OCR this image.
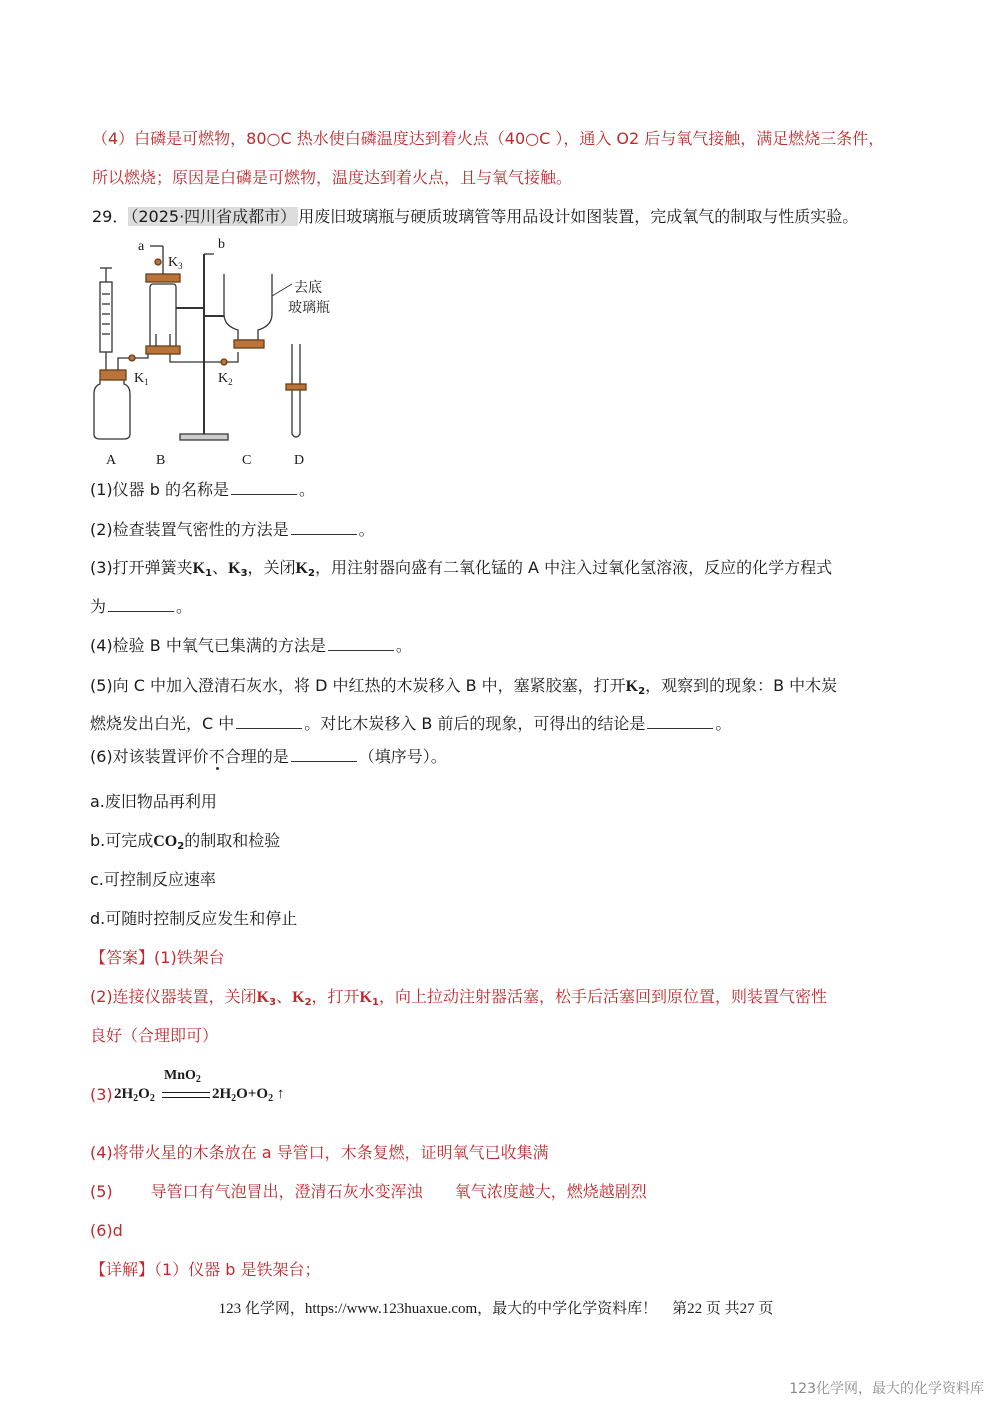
（4）白磷是可燃物，80○C 热水使白磷温度达到着火点（40○C ），通入 O2 后与氧气接触，满足燃烧三条件，
所以燃烧；原因是白磷是可燃物，温度达到着火点，且与氧气接触。
29． （2025·四川省成都市） 用废旧玻璃瓶与硬质玻璃管等用品设计如图装置，完成氧气的制取与性质实验。
a
$K_3$
b
去底
玻璃瓶
$K_1$	$K_2$
A	B	C	D
(1)仪器 b 的名称是	。
(2)检查装置气密性的方法是	。
(3)打开弹簧夹$K_1$、$K_3$，关闭$K_2$，用注射器向盛有二氧化锰的 A 中注入过氧化氢溶液，反应的化学方程式
为	。
(4)检验 B 中氧气已集满的方法是	。
(5)向 C 中加入澄清石灰水，将 D 中红热的木炭移入 B 中，塞紧胶塞，打开$K_2$，观察到的现象：B 中木炭
燃烧发出白光，C 中	。对比木炭移入 B 前后的现象，可得出的结论是	。
(6)对该装置评价不合理的是	（填序号）。
a.废旧物品再利用
b.可完成$CO_2$的制取和检验
c.可控制反应速率
d.可随时控制反应发生和停止
【答案】(1)铁架台
(2)连接仪器装置，关闭$K_3$、$K_2$，打开$K_1$，向上拉动注射器活塞，松手后活塞回到原位置，则装置气密性
良好（合理即可）
(3) $2H_2O_2$
MnO$_2$
$2H_2O+O_2$ ↑
(4)将带火星的木条放在 a 导管口，木条复燃，证明氧气已收集满
(5) 导管口有气泡冒出，澄清石灰水变浑浊 氧气浓度越大，燃烧越剧烈
(6)d
【详解】（1）仪器 b 是铁架台；
123 化学网，https://www.123huaxue.com，最大的中学化学资料库！　第22 页 共27 页
123化学网，最大的化学资料库
